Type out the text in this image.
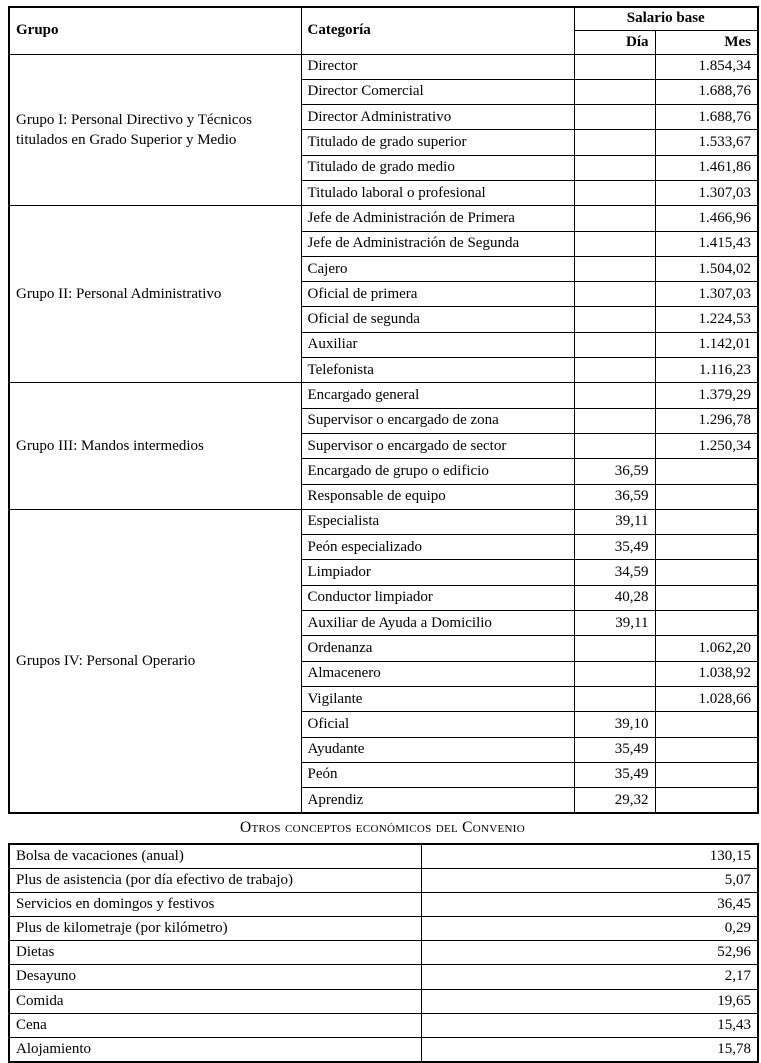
Grupo	Categoría	Salario base	
		Día	Mes
Grupo I: Personal Directivo y Técnicos titulados en Grado Superior y Medio	Director		1.854,34
	Director Comercial		1.688,76
	Director Administrativo		1.688,76
	Titulado de grado superior		1.533,67
	Titulado de grado medio		1.461,86
	Titulado laboral o profesional		1.307,03
Grupo II: Personal Administrativo	Jefe de Administración de Primera		1.466,96
	Jefe de Administración de Segunda		1.415,43
	Cajero		1.504,02
	Oficial de primera		1.307,03
	Oficial de segunda		1.224,53
	Auxiliar		1.142,01
	Telefonista		1.116,23
Grupo III: Mandos intermedios	Encargado general		1.379,29
	Supervisor o encargado de zona		1.296,78
	Supervisor o encargado de sector		1.250,34
	Encargado de grupo o edificio	36,59	
	Responsable de equipo	36,59	
Grupos IV: Personal Operario	Especialista	39,11	
	Peón especializado	35,49	
	Limpiador	34,59	
	Conductor limpiador	40,28	
	Auxiliar de Ayuda a Domicilio	39,11	
	Ordenanza		1.062,20
	Almacenero		1.038,92
	Vigilante		1.028,66
	Oficial	39,10	
	Ayudante	35,49	
	Peón	35,49	
	Aprendiz	29,32	
Otros conceptos económicos del Convenio
Bolsa de vacaciones (anual)	130,15
Plus de asistencia (por día efectivo de trabajo)	5,07
Servicios en domingos y festivos	36,45
Plus de kilometraje (por kilómetro)	0,29
Dietas	52,96
Desayuno	2,17
Comida	19,65
Cena	15,43
Alojamiento	15,78
